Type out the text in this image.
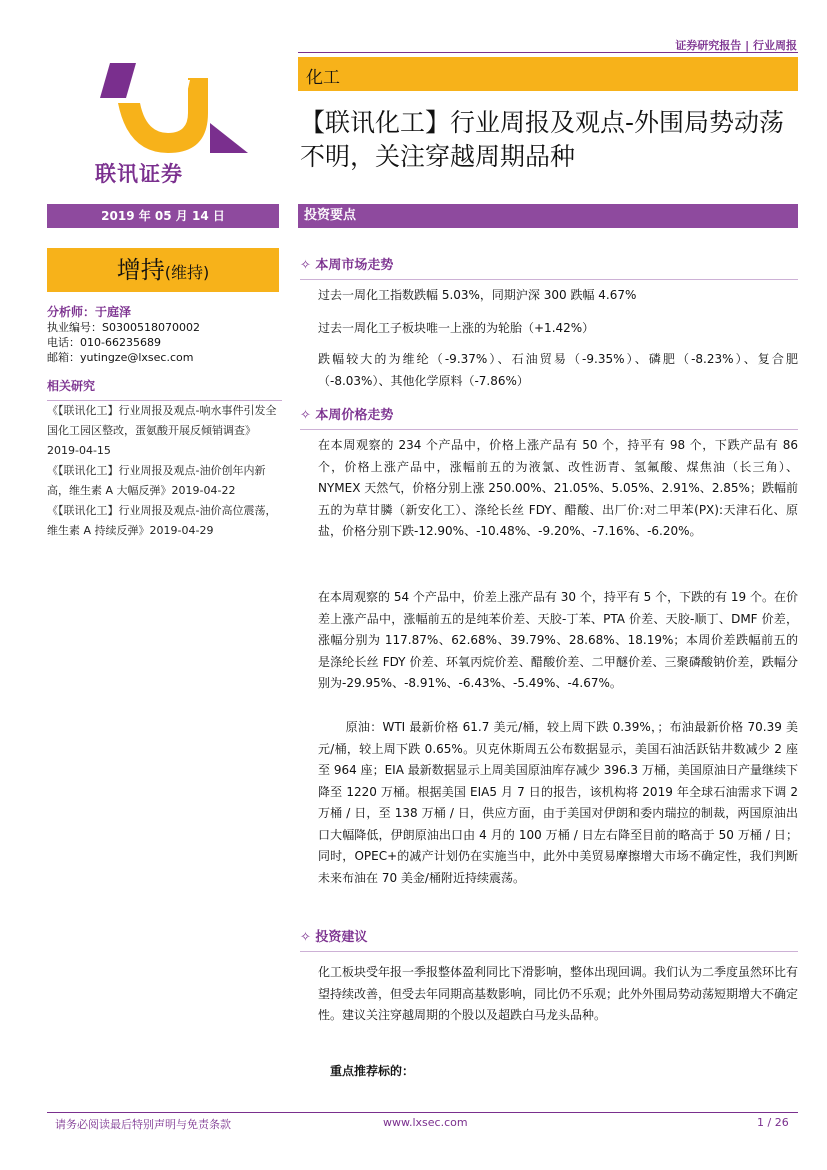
证券研究报告 | 行业周报
联讯证券
化工
【联讯化工】行业周报及观点-外围局势动荡不明，关注穿越周期品种
2019 年 05 月 14 日
增持(维持)
分析师：于庭泽
执业编号：S0300518070002
电话：010-66235689
邮箱：yutingze@lxsec.com
相关研究
《【联讯化工】行业周报及观点-响水事件引发全国化工园区整改，蛋氨酸开展反倾销调查》2019-04-15
《【联讯化工】行业周报及观点-油价创年内新高，维生素 A 大幅反弹》2019-04-22
《【联讯化工】行业周报及观点-油价高位震荡，维生素 A 持续反弹》2019-04-29
投资要点
✧ 本周市场走势
过去一周化工指数跌幅 5.03%，同期沪深 300 跌幅 4.67%
过去一周化工子板块唯一上涨的为轮胎（+1.42%）
跌幅较大的为维纶（-9.37%）、石油贸易（-9.35%）、磷肥（-8.23%）、复合肥（-8.03%）、其他化学原料（-7.86%）
✧ 本周价格走势
在本周观察的 234 个产品中，价格上涨产品有 50 个，持平有 98 个，下跌产品有 86 个，价格上涨产品中，涨幅前五的为液氯、改性沥青、氢氟酸、煤焦油（长三角）、NYMEX 天然气，价格分别上涨 250.00%、21.05%、5.05%、2.91%、2.85%；跌幅前五的为草甘膦（新安化工）、涤纶长丝 FDY、醋酸、出厂价:对二甲苯(PX):天津石化、原盐，价格分别下跌-12.90%、-10.48%、-9.20%、-7.16%、-6.20%。
在本周观察的 54 个产品中，价差上涨产品有 30 个，持平有 5 个，下跌的有 19 个。在价差上涨产品中，涨幅前五的是纯苯价差、天胶-丁苯、PTA 价差、天胶-顺丁、DMF 价差，涨幅分别为 117.87%、62.68%、39.79%、28.68%、18.19%；本周价差跌幅前五的是涤纶长丝 FDY 价差、环氧丙烷价差、醋酸价差、二甲醚价差、三聚磷酸钠价差，跌幅分别为-29.95%、-8.91%、-6.43%、-5.49%、-4.67%。
原油：WTI 最新价格 61.7 美元/桶，较上周下跌 0.39%，；布油最新价格 70.39 美元/桶，较上周下跌 0.65%。贝克休斯周五公布数据显示，美国石油活跃钻井数减少 2 座至 964 座；EIA 最新数据显示上周美国原油库存减少 396.3 万桶，美国原油日产量继续下降至 1220 万桶。根据美国 EIA5 月 7 日的报告，该机构将 2019 年全球石油需求下调 2 万桶 / 日，至 138 万桶 / 日，供应方面，由于美国对伊朗和委内瑞拉的制裁，两国原油出口大幅降低，伊朗原油出口由 4 月的 100 万桶 / 日左右降至目前的略高于 50 万桶 / 日；同时，OPEC+的减产计划仍在实施当中，此外中美贸易摩擦增大市场不确定性，我们判断未来布油在 70 美金/桶附近持续震荡。
✧ 投资建议
化工板块受年报一季报整体盈利同比下滑影响，整体出现回调。我们认为二季度虽然环比有望持续改善，但受去年同期高基数影响，同比仍不乐观；此外外围局势动荡短期增大不确定性。建议关注穿越周期的个股以及超跌白马龙头品种。
重点推荐标的：
请务必阅读最后特别声明与免责条款	www.lxsec.com	1 / 26
